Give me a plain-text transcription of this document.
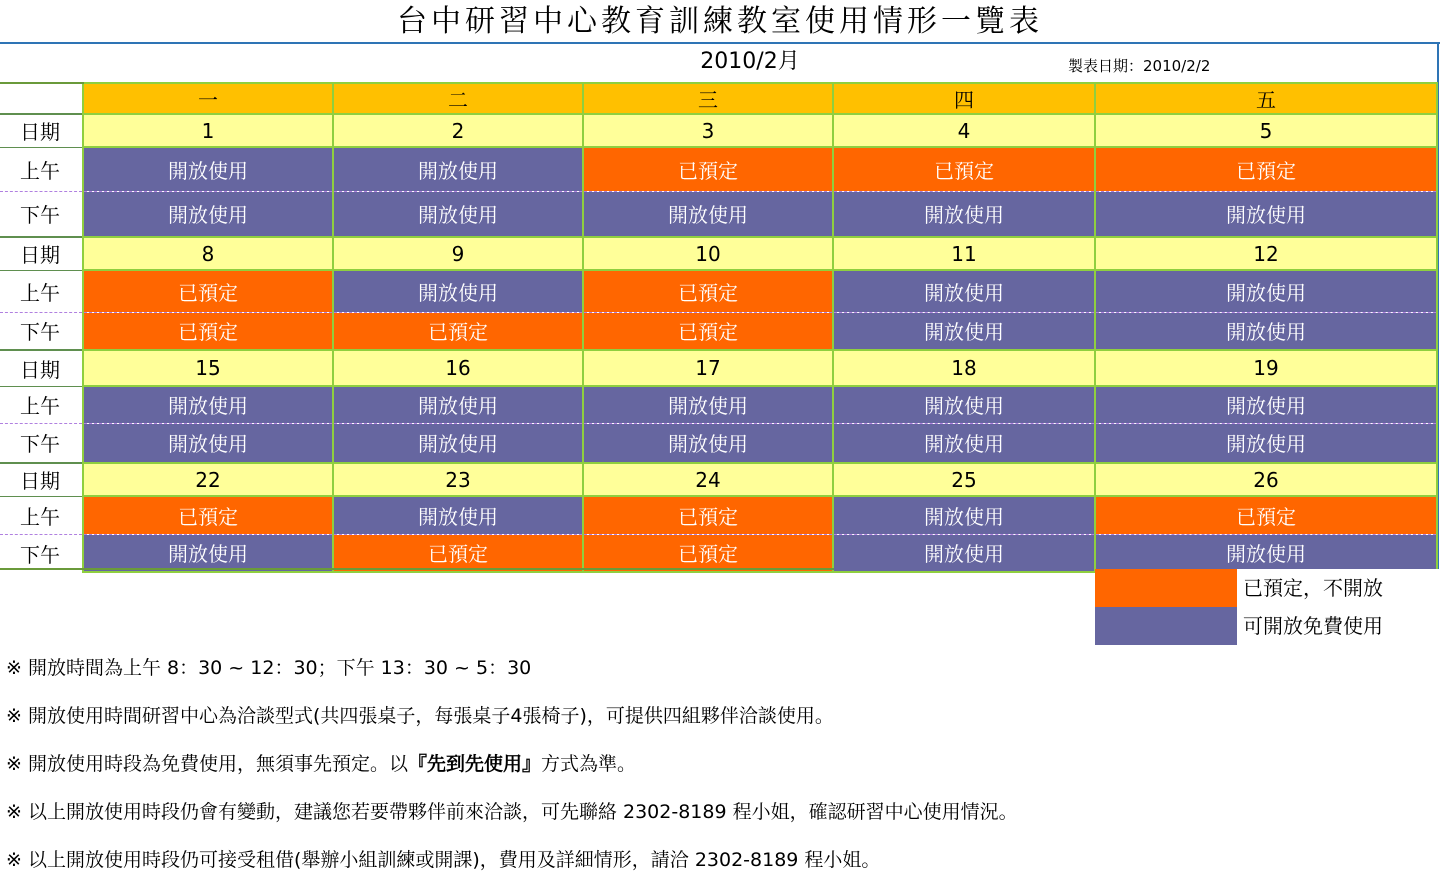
台中研習中心教育訓練教室使用情形一覽表
2010/2月	製表日期：2010/2/2
	一	二	三	四	五
日期	1	2	3	4	5
上午	開放使用	開放使用	已預定	已預定	已預定
下午	開放使用	開放使用	開放使用	開放使用	開放使用
日期	8	9	10	11	12
上午	已預定	開放使用	已預定	開放使用	開放使用
下午	已預定	已預定	已預定	開放使用	開放使用
日期	15	16	17	18	19
上午	開放使用	開放使用	開放使用	開放使用	開放使用
下午	開放使用	開放使用	開放使用	開放使用	開放使用
日期	22	23	24	25	26
上午	已預定	開放使用	已預定	開放使用	已預定
下午	開放使用	已預定	已預定	開放使用	開放使用
已預定，不開放
可開放免費使用
※ 開放時間為上午 8：30 ~ 12：30；下午 13：30 ~ 5：30
※ 開放使用時間研習中心為洽談型式(共四張桌子，每張桌子4張椅子)，可提供四組夥伴洽談使用。
※ 開放使用時段為免費使用，無須事先預定。以『先到先使用』方式為準。
※ 以上開放使用時段仍會有變動，建議您若要帶夥伴前來洽談，可先聯絡 2302-8189 程小姐，確認研習中心使用情況。
※ 以上開放使用時段仍可接受租借(舉辦小組訓練或開課)，費用及詳細情形，請洽 2302-8189 程小姐。
